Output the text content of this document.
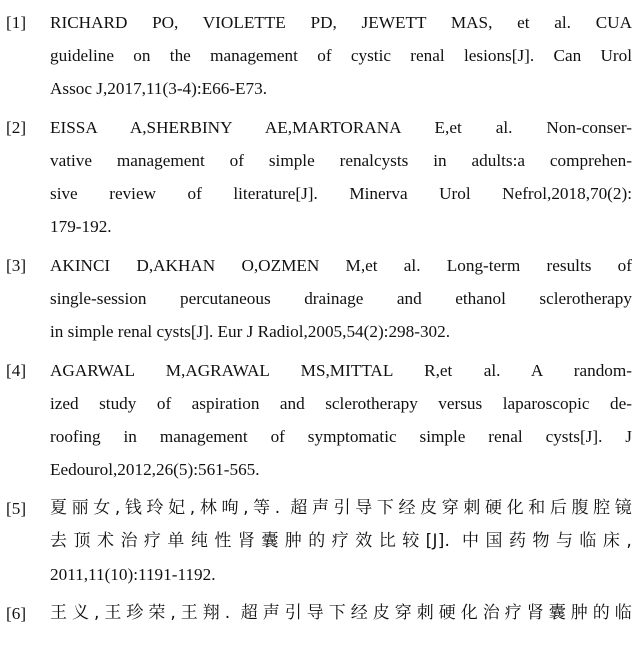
[1]	RICHARD PO, VIOLETTE PD, JEWETT MAS, et al. CUA
guideline on the management of cystic renal lesions[J]. Can Urol
Assoc J,2017,11(3-4):E66-E73.
[2]	EISSA A,SHERBINY AE,MARTORANA E,et al. Non-conser-
vative management of simple renalcysts in adults:a comprehen-
sive review of literature[J]. Minerva Urol Nefrol,2018,70(2):
179-192.
[3]	AKINCI D,AKHAN O,OZMEN M,et al. Long-term results of
single-session percutaneous drainage and ethanol sclerotherapy
in simple renal cysts[J]. Eur J Radiol,2005,54(2):298-302.
[4]	AGARWAL M,AGRAWAL MS,MITTAL R,et al. A random-
ized study of aspiration and sclerotherapy versus laparoscopic de-
roofing in management of symptomatic simple renal cysts[J]. J
Eedourol,2012,26(5):561-565.
[5]	夏丽女,钱玲妃,林咰,等. 超声引导下经皮穿刺硬化和后腹腔镜
去顶术治疗单纯性肾囊肿的疗效比较[J]. 中国药物与临床,
2011,11(10):1191-1192.
[6]	王义,王珍荣,王翔. 超声引导下经皮穿刺硬化治疗肾囊肿的临
